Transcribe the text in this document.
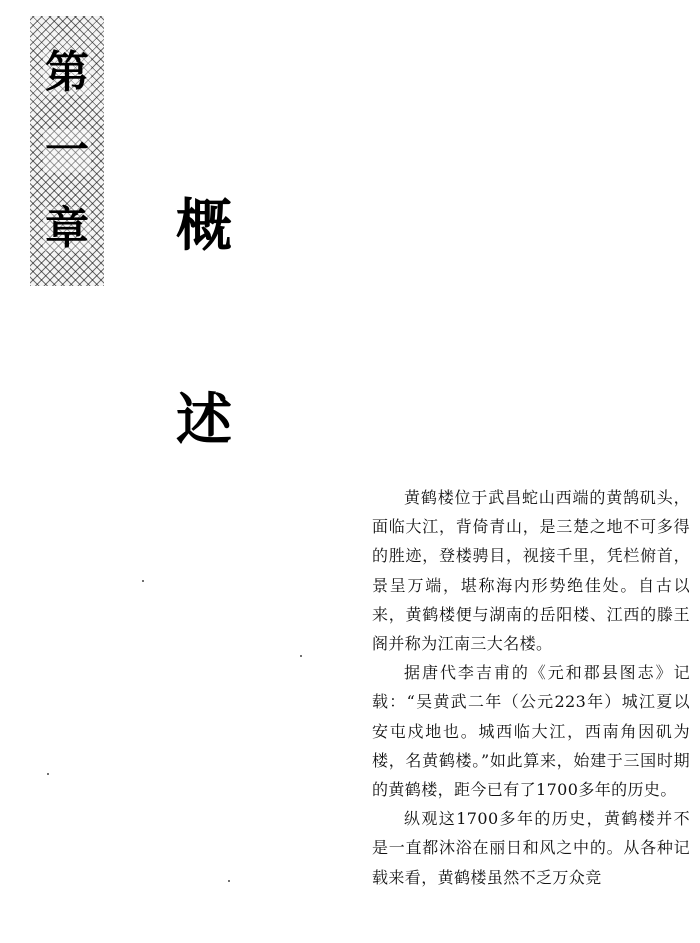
第
一
章 概
述

黄鹤楼位于武昌蛇山西端的黄鹄矶头，面临大江，背倚青山，是三楚之地不可多得的胜迹，登楼骋目，视接千里，凭栏俯首，景呈万端，堪称海内形势绝佳处。自古以来，黄鹤楼便与湖南的岳阳楼、江西的滕王阁并称为江南三大名楼。

据唐代李吉甫的《元和郡县图志》记载：“吴黄武二年（公元223年）城江夏以安屯戍地也。城西临大江，西南角因矶为楼，名黄鹤楼。”如此算来，始建于三国时期的黄鹤楼，距今已有了1700多年的历史。

纵观这1700多年的历史，黄鹤楼并不是一直都沐浴在丽日和风之中的。从各种记载来看，黄鹤楼虽然不乏万众竞
